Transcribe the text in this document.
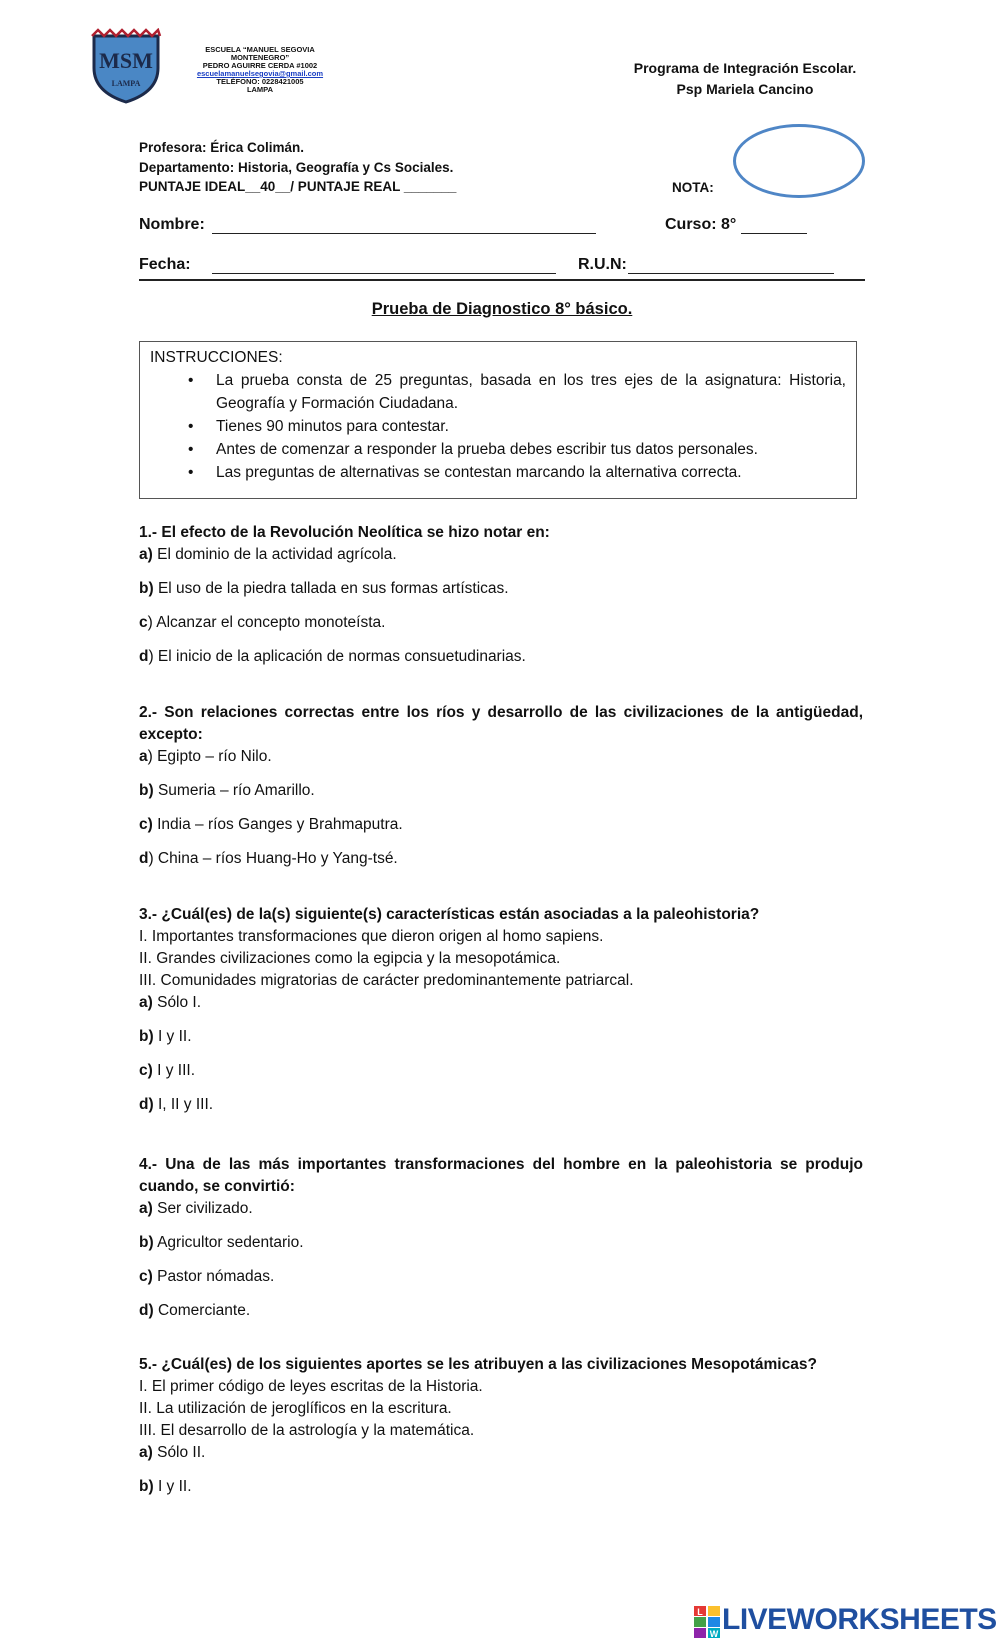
MSM
LAMPA
ESCUELA “MANUEL SEGOVIA
MONTENEGRO”
PEDRO AGUIRRE CERDA #1002
escuelamanuelsegovia@gmail.com
TELÉFONO: 0228421005
LAMPA
Programa de Integración Escolar.
Psp Mariela Cancino
Profesora: Érica Colimán.
Departamento: Historia, Geografía y Cs Sociales.
PUNTAJE IDEAL__40__/ PUNTAJE REAL _______	NOTA:
Nombre:	Curso: 8°
Fecha:	R.U.N:
Prueba de Diagnostico 8° básico.
INSTRUCCIONES:
• La prueba consta de 25 preguntas, basada en los tres ejes de la asignatura: Historia, Geografía y Formación Ciudadana.
• Tienes 90 minutos para contestar.
• Antes de comenzar a responder la prueba debes escribir tus datos personales.
• Las preguntas de alternativas se contestan marcando la alternativa correcta.
1.- El efecto de la Revolución Neolítica se hizo notar en:
a) El dominio de la actividad agrícola.
b) El uso de la piedra tallada en sus formas artísticas.
c) Alcanzar el concepto monoteísta.
d) El inicio de la aplicación de normas consuetudinarias.
2.- Son relaciones correctas entre los ríos y desarrollo de las civilizaciones de la antigüedad, excepto:
a) Egipto – río Nilo.
b) Sumeria – río Amarillo.
c) India – ríos Ganges y Brahmaputra.
d) China – ríos Huang-Ho y Yang-tsé.
3.- ¿Cuál(es) de la(s) siguiente(s) características están asociadas a la paleohistoria?
I. Importantes transformaciones que dieron origen al homo sapiens.
II. Grandes civilizaciones como la egipcia y la mesopotámica.
III. Comunidades migratorias de carácter predominantemente patriarcal.
a) Sólo I.
b) I y II.
c) I y III.
d) I, II y III.
4.- Una de las más importantes transformaciones del hombre en la paleohistoria se produjo cuando, se convirtió:
a) Ser civilizado.
b) Agricultor sedentario.
c) Pastor nómadas.
d) Comerciante.
5.- ¿Cuál(es) de los siguientes aportes se les atribuyen a las civilizaciones Mesopotámicas?
I. El primer código de leyes escritas de la Historia.
II. La utilización de jeroglíficos en la escritura.
III. El desarrollo de la astrología y la matemática.
a) Sólo II.
b) I y II.
L
W LIVEWORKSHEETS
